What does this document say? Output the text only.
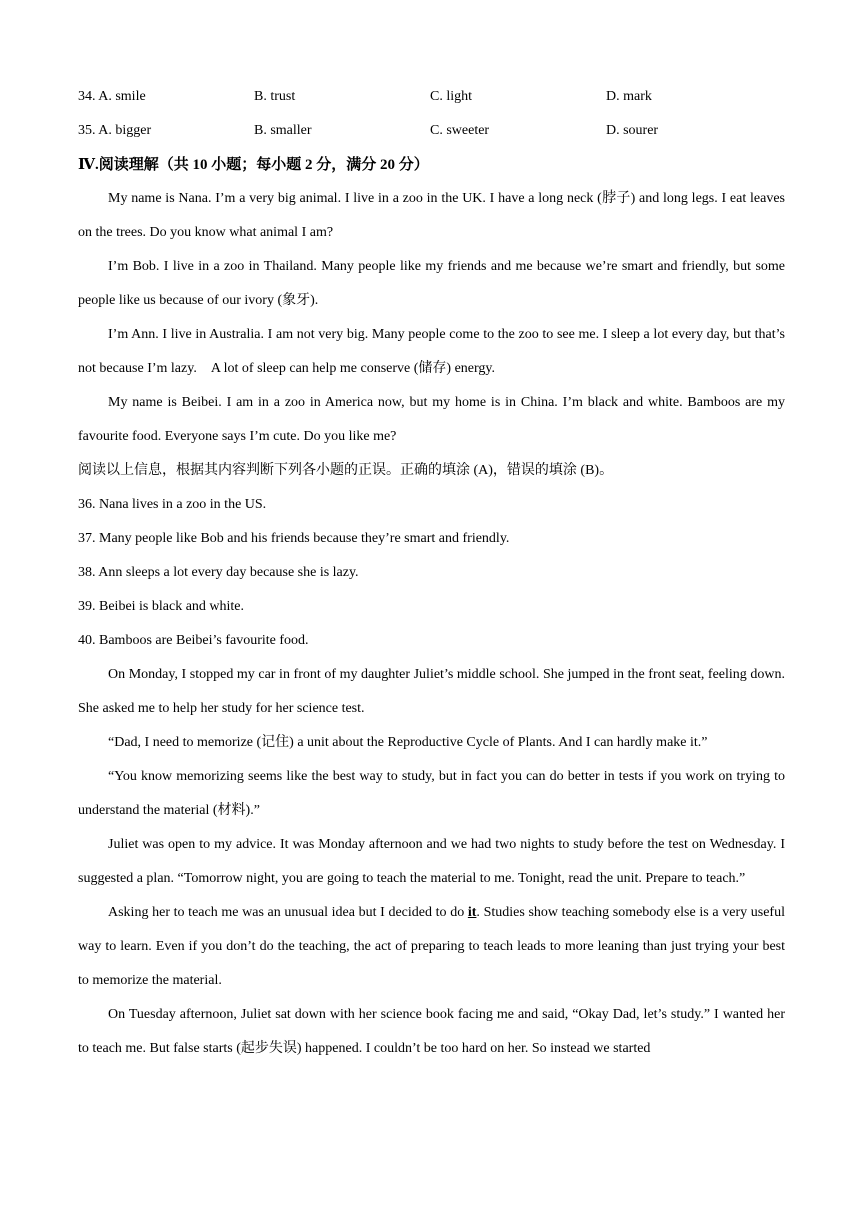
34. A. smile	B. trust	C. light	D. mark
35. A. bigger	B. smaller	C. sweeter	D. sourer
Ⅳ.阅读理解（共 10 小题；每小题 2 分，满分 20 分）

My name is Nana. I’m a very big animal. I live in a zoo in the UK. I have a long neck (脖子) and long legs. I eat leaves on the trees. Do you know what animal I am?

I’m Bob. I live in a zoo in Thailand. Many people like my friends and me because we’re smart and friendly, but some people like us because of our ivory (象牙).

I’m Ann. I live in Australia. I am not very big. Many people come to the zoo to see me. I sleep a lot every day, but that’s not because I’m lazy.　A lot of sleep can help me conserve (储存) energy.

My name is Beibei. I am in a zoo in America now, but my home is in China. I’m black and white. Bamboos are my favourite food. Everyone says I’m cute. Do you like me?

阅读以上信息，根据其内容判断下列各小题的正误。正确的填涂 (A)，错误的填涂 (B)。

36. Nana lives in a zoo in the US.

37. Many people like Bob and his friends because they’re smart and friendly.

38. Ann sleeps a lot every day because she is lazy.

39. Beibei is black and white.

40. Bamboos are Beibei’s favourite food.

On Monday, I stopped my car in front of my daughter Juliet’s middle school. She jumped in the front seat, feeling down. She asked me to help her study for her science test.

“Dad, I need to memorize (记住) a unit about the Reproductive Cycle of Plants. And I can hardly make it.”

“You know memorizing seems like the best way to study, but in fact you can do better in tests if you work on trying to understand the material (材料).”

Juliet was open to my advice. It was Monday afternoon and we had two nights to study before the test on Wednesday. I suggested a plan. “Tomorrow night, you are going to teach the material to me. Tonight, read the unit. Prepare to teach.”

Asking her to teach me was an unusual idea but I decided to do it. Studies show teaching somebody else is a very useful way to learn. Even if you don’t do the teaching, the act of preparing to teach leads to more leaning than just trying your best to memorize the material.

On Tuesday afternoon, Juliet sat down with her science book facing me and said, “Okay Dad, let’s study.” I wanted her to teach me. But false starts (起步失误) happened. I couldn’t be too hard on her. So instead we started
